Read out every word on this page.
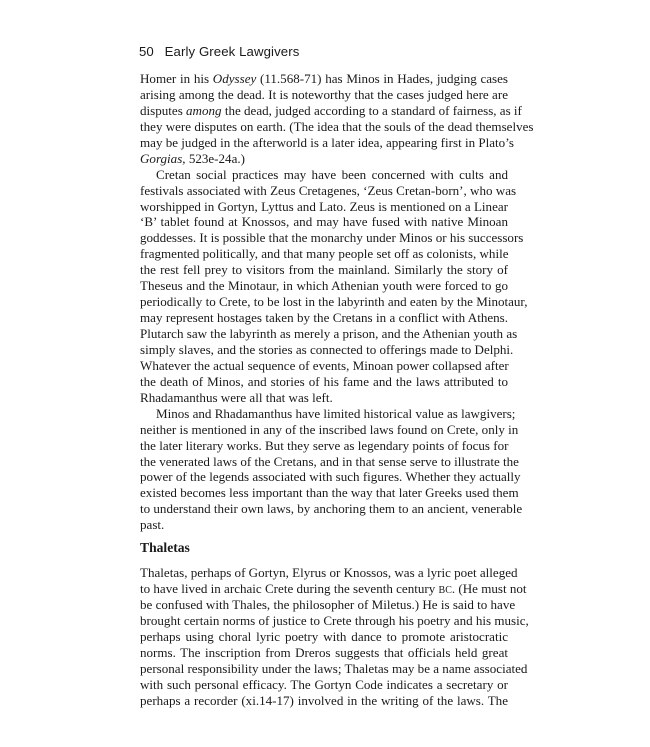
50 Early Greek Lawgivers
Homer in his Odyssey (11.568-71) has Minos in Hades, judging cases
arising among the dead. It is noteworthy that the cases judged here are
disputes among the dead, judged according to a standard of fairness, as if
they were disputes on earth. (The idea that the souls of the dead themselves
may be judged in the afterworld is a later idea, appearing first in Plato’s
Gorgias, 523e-24a.)
Cretan social practices may have been concerned with cults and
festivals associated with Zeus Cretagenes, ‘Zeus Cretan-born’, who was
worshipped in Gortyn, Lyttus and Lato. Zeus is mentioned on a Linear
‘B’ tablet found at Knossos, and may have fused with native Minoan
goddesses. It is possible that the monarchy under Minos or his successors
fragmented politically, and that many people set off as colonists, while
the rest fell prey to visitors from the mainland. Similarly the story of
Theseus and the Minotaur, in which Athenian youth were forced to go
periodically to Crete, to be lost in the labyrinth and eaten by the Minotaur,
may represent hostages taken by the Cretans in a conflict with Athens.
Plutarch saw the labyrinth as merely a prison, and the Athenian youth as
simply slaves, and the stories as connected to offerings made to Delphi.
Whatever the actual sequence of events, Minoan power collapsed after
the death of Minos, and stories of his fame and the laws attributed to
Rhadamanthus were all that was left.
Minos and Rhadamanthus have limited historical value as lawgivers;
neither is mentioned in any of the inscribed laws found on Crete, only in
the later literary works. But they serve as legendary points of focus for
the venerated laws of the Cretans, and in that sense serve to illustrate the
power of the legends associated with such figures. Whether they actually
existed becomes less important than the way that later Greeks used them
to understand their own laws, by anchoring them to an ancient, venerable
past.
Thaletas
Thaletas, perhaps of Gortyn, Elyrus or Knossos, was a lyric poet alleged
to have lived in archaic Crete during the seventh century BC. (He must not
be confused with Thales, the philosopher of Miletus.) He is said to have
brought certain norms of justice to Crete through his poetry and his music,
perhaps using choral lyric poetry with dance to promote aristocratic
norms. The inscription from Dreros suggests that officials held great
personal responsibility under the laws; Thaletas may be a name associated
with such personal efficacy. The Gortyn Code indicates a secretary or
perhaps a recorder (xi.14-17) involved in the writing of the laws. The
